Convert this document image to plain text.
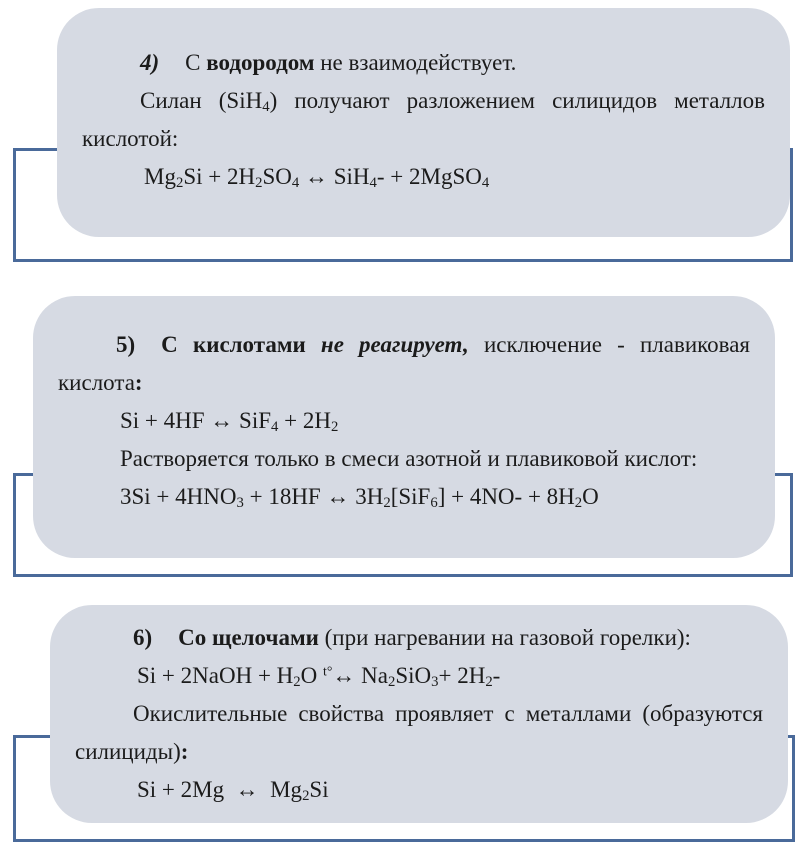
4) С водородом не взаимодействует.

Силан (SiH$_4$) получают разложением силицидов металлов кислотой:

$Mg_2Si + 2H_2SO_4$ ↔ SiH$_4$- + 2MgSO$_4$

5) С кислотами не реагирует, исключение - плавиковая кислота:

Si + 4HF ↔ $SiF_4 + 2H_2$

Растворяется только в смеси азотной и плавиковой кислот:

$3Si + 4HNO_3 + 18HF$ ↔ $3H_2[SiF_6] + 4NO- + 8H_2O$

6) Со щелочами (при нагревании на газовой горелки):

Si + 2NaOH + $H_2O$ $^{t^\circ}$↔ $Na_2SiO_3+ 2H_2-$

Окислительные свойства проявляет с металлами (образуются силициды):

Si + 2Mg  ↔  $Mg_2Si$
